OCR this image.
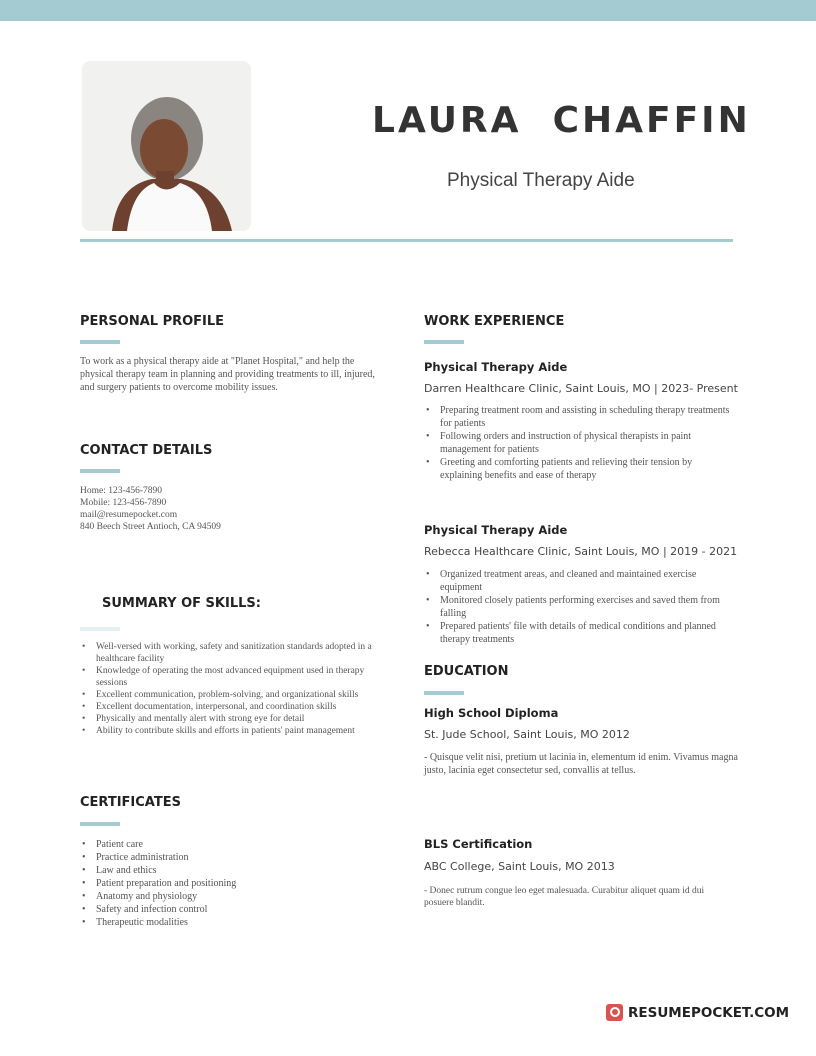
LAURA  CHAFFIN
Physical Therapy Aide
PERSONAL PROFILE
To work as a physical therapy aide at "Planet Hospital," and help the physical therapy team in planning and providing treatments to ill, injured, and surgery patients to overcome mobility issues.
CONTACT DETAILS
Home: 123-456-7890
Mobile: 123-456-7890
mail@resumepocket.com
840 Beech Street Antioch, CA 94509
SUMMARY OF SKILLS:
• Well-versed with working, safety and sanitization standards adopted in a healthcare facility
• Knowledge of operating the most advanced equipment used in therapy sessions
• Excellent communication, problem-solving, and organizational skills
• Excellent documentation, interpersonal, and coordination skills
• Physically and mentally alert with strong eye for detail
• Ability to contribute skills and efforts in patients' paint management
CERTIFICATES
• Patient care
• Practice administration
• Law and ethics
• Patient preparation and positioning
• Anatomy and physiology
• Safety and infection control
• Therapeutic modalities
WORK EXPERIENCE
Physical Therapy Aide
Darren Healthcare Clinic, Saint Louis, MO | 2023- Present
• Preparing treatment room and assisting in scheduling therapy treatments for patients
• Following orders and instruction of physical therapists in paint management for patients
• Greeting and comforting patients and relieving their tension by explaining benefits and ease of therapy
Physical Therapy Aide
Rebecca Healthcare Clinic, Saint Louis, MO | 2019 - 2021
• Organized treatment areas, and cleaned and maintained exercise equipment
• Monitored closely patients performing exercises and saved them from falling
• Prepared patients' file with details of medical conditions and planned therapy treatments
EDUCATION
High School Diploma
St. Jude School, Saint Louis, MO 2012
- Quisque velit nisi, pretium ut lacinia in, elementum id enim. Vivamus magna justo, lacinia eget consectetur sed, convallis at tellus.
BLS Certification
ABC College, Saint Louis, MO 2013
- Donec rutrum congue leo eget malesuada. Curabitur aliquet quam id dui posuere blandit.
RESUMEPOCKET.COM
